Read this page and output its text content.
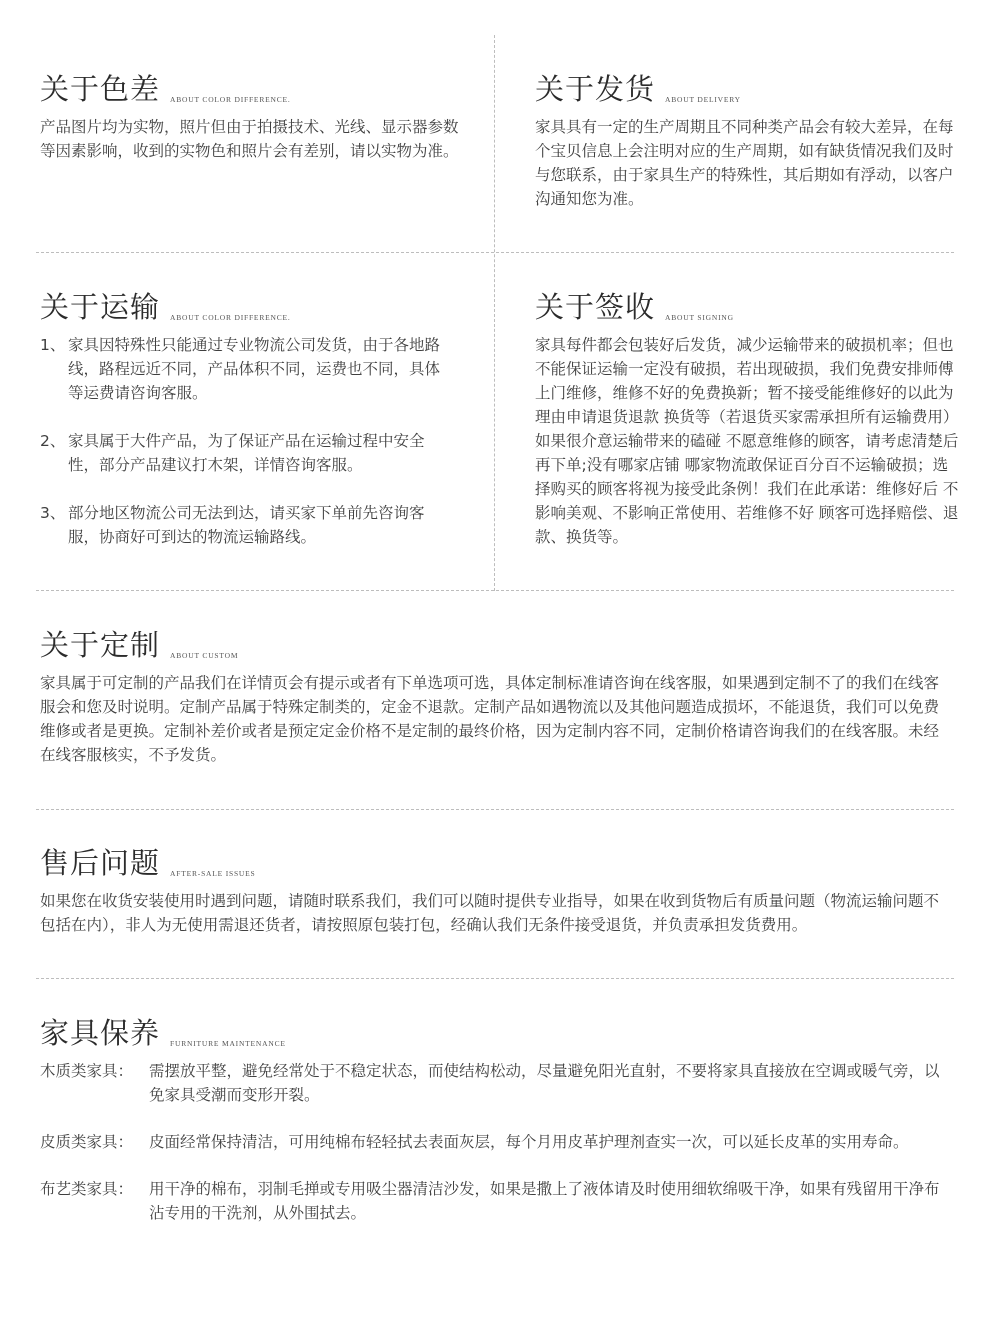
关于色差 ABOUT COLOR DIFFERENCE.
产品图片均为实物，照片但由于拍摄技术、光线、显示器参数等因素影响，收到的实物色和照片会有差别，请以实物为准。
关于发货 ABOUT DELIVERY
家具具有一定的生产周期且不同种类产品会有较大差异，在每个宝贝信息上会注明对应的生产周期，如有缺货情况我们及时与您联系，由于家具生产的特殊性，其后期如有浮动，以客户沟通知您为准。
关于运输 ABOUT COLOR DIFFERENCE.
1、 家具因特殊性只能通过专业物流公司发货，由于各地路线，路程远近不同，产品体积不同，运费也不同，具体等运费请咨询客服。
2、 家具属于大件产品，为了保证产品在运输过程中安全性，部分产品建议打木架，详情咨询客服。
3、 部分地区物流公司无法到达，请买家下单前先咨询客服，协商好可到达的物流运输路线。
关于签收 ABOUT SIGNING
家具每件都会包装好后发货，减少运输带来的破损机率；但也不能保证运输一定没有破损，若出现破损，我们免费安排师傅上门维修，维修不好的免费换新；暂不接受能维修好的以此为理由申请退货退款 换货等（若退货买家需承担所有运输费用）如果很介意运输带来的磕碰 不愿意维修的顾客，请考虑清楚后再下单;没有哪家店铺 哪家物流敢保证百分百不运输破损；选择购买的顾客将视为接受此条例！我们在此承诺：维修好后 不影响美观、不影响正常使用、若维修不好 顾客可选择赔偿、退款、换货等。
关于定制 ABOUT CUSTOM
家具属于可定制的产品我们在详情页会有提示或者有下单选项可选，具体定制标准请咨询在线客服，如果遇到定制不了的我们在线客服会和您及时说明。定制产品属于特殊定制类的，定金不退款。定制产品如遇物流以及其他问题造成损坏，不能退货，我们可以免费维修或者是更换。定制补差价或者是预定定金价格不是定制的最终价格，因为定制内容不同，定制价格请咨询我们的在线客服。未经在线客服核实，不予发货。
售后问题 AFTER-SALE ISSUES
如果您在收货安装使用时遇到问题，请随时联系我们，我们可以随时提供专业指导，如果在收到货物后有质量问题（物流运输问题不包括在内），非人为无使用需退还货者，请按照原包装打包，经确认我们无条件接受退货，并负责承担发货费用。
家具保养 FURNITURE MAINTENANCE
木质类家具：	需摆放平整，避免经常处于不稳定状态，而使结构松动，尽量避免阳光直射，不要将家具直接放在空调或暖气旁，以免家具受潮而变形开裂。
皮质类家具：	皮面经常保持清洁，可用纯棉布轻轻拭去表面灰层，每个月用皮革护理剂查实一次，可以延长皮革的实用寿命。
布艺类家具：	用干净的棉布，羽制毛掸或专用吸尘器清洁沙发，如果是撒上了液体请及时使用细软绵吸干净，如果有残留用干净布沾专用的干洗剂，从外围拭去。
